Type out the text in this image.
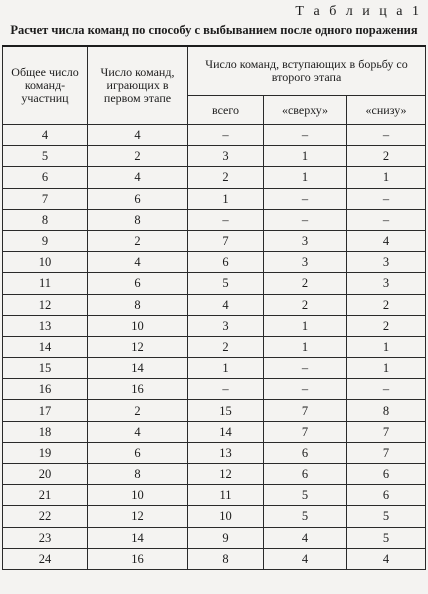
Т а б л и ц а 1
Расчет числа команд по способу с выбыванием после одного поражения
Общее число команд-участниц	Число команд, играющих в первом этапе	Число команд, вступающих в борьбу со второго этапа		
		всего	«сверху»	«снизу»
4	4	–	–	–
5	2	3	1	2
6	4	2	1	1
7	6	1	–	–
8	8	–	–	–
9	2	7	3	4
10	4	6	3	3
11	6	5	2	3
12	8	4	2	2
13	10	3	1	2
14	12	2	1	1
15	14	1	–	1
16	16	–	–	–
17	2	15	7	8
18	4	14	7	7
19	6	13	6	7
20	8	12	6	6
21	10	11	5	6
22	12	10	5	5
23	14	9	4	5
24	16	8	4	4
